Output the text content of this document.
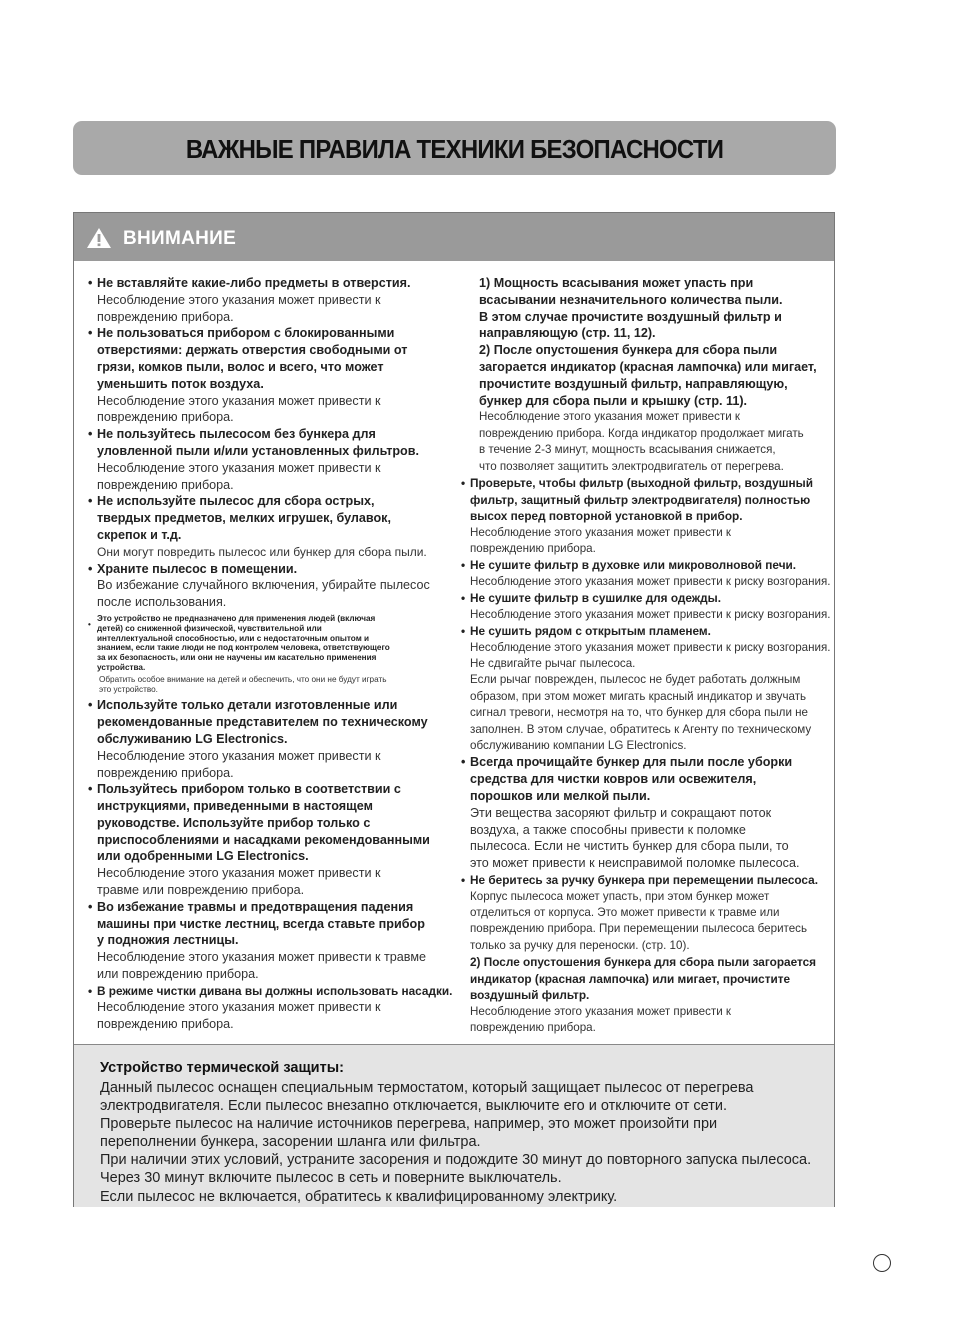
ВАЖНЫЕ ПРАВИЛА ТЕХНИКИ БЕЗОПАСНОСТИ
ВНИМАНИЕ
• Не вставляйте какие-либо предметы в отверстия.
Несоблюдение этого указания может привести к
повреждению прибора.
• Не пользоваться прибором с блокированными
отверстиями: держать отверстия свободными от
грязи, комков пыли, волос и всего, что может
уменьшить поток воздуха.
Несоблюдение этого указания может привести к
повреждению прибора.
• Не пользуйтесь пылесосом без бункера для
уловленной пыли и/или установленных фильтров.
Несоблюдение этого указания может привести к
повреждению прибора.
• Не используйте пылесос для сбора острых,
твердых предметов, мелких игрушек, булавок,
скрепок и т.д.
Они могут повредить пылесос или бункер для сбора пыли.
• Храните пылесос в помещении.
Во избежание случайного включения, убирайте пылесос
после использования.
•
Это устройство не предназначено для применения людей (включая
детей) со сниженной физической, чувствительной или
интеллектуальной способностью, или с недостаточным опытом и
знанием, если такие люди не под контролем человека, ответствующего
за их безопасность, или они не научены им касательно применения
устройства.
Обратить особое внимание на детей и обеспечить, что они не будут играть
это устройство.
• Используйте только детали изготовленные или
рекомендованные представителем по техническому
обслуживанию LG Electronics.
Несоблюдение этого указания может привести к
повреждению прибора.
• Пользуйтесь прибором только в соответствии с
инструкциями, приведенными в настоящем
руководстве. Используйте прибор только с
приспособлениями и насадками рекомендованными
или одобренными LG Electronics.
Несоблюдение этого указания может привести к
травме или повреждению прибора.
• Во избежание травмы и предотвращения падения
машины при чистке лестниц, всегда ставьте прибор
у подножия лестницы.
Несоблюдение этого указания может привести к травме
или повреждению прибора.
• В режиме чистки дивана вы должны использовать насадки.
Несоблюдение этого указания может привести к
повреждению прибора.
1) Мощность всасывания может упасть при
всасывании незначительного количества пыли.
В этом случае прочистите воздушный фильтр и
направляющую (стр. 11, 12).
2) После опустошения бункера для сбора пыли
загорается индикатор (красная лампочка) или мигает,
прочистите воздушный фильтр, направляющую,
бункер для сбора пыли и крышку (стр. 11).
Несоблюдение этого указания может привести к
повреждению прибора. Когда индикатор продолжает мигать
в течение 2-3 минут, мощность всасывания снижается,
что позволяет защитить электродвигатель от перегрева.
• Проверьте, чтобы фильтр (выходной фильтр, воздушный
фильтр, защитный фильтр электродвигателя) полностью
высох перед повторной установкой в прибор.
Несоблюдение этого указания может привести к
повреждению прибора.
• Не сушите фильтр в духовке или микроволновой печи.
Несоблюдение этого указания может привести к риску возгорания.
• Не сушите фильтр в сушилке для одежды.
Несоблюдение этого указания может привести к риску возгорания.
• Не сушить рядом с открытым пламенем.
Несоблюдение этого указания может привести к риску возгорания.
Не сдвигайте рычаг пылесоса.
Если рычаг поврежден, пылесос не будет работать должным
образом, при этом может мигать красный индикатор и звучать
сигнал тревоги, несмотря на то, что бункер для сбора пыли не
заполнен. В этом случае, обратитесь к Агенту по техническому
обслуживанию компании LG Electronics.
• Всегда прочищайте бункер для пыли после уборки
средства для чистки ковров или освежителя,
порошков или мелкой пыли.
Эти вещества засоряют фильтр и сокращают поток
воздуха, а также способны привести к поломке
пылесоса. Если не чистить бункер для сбора пыли, то
это может привести к неисправимой поломке пылесоса.
• Не беритесь за ручку бункера при перемещении пылесоса.
Корпус пылесоса может упасть, при этом бункер может
отделиться от корпуса. Это может привести к травме или
повреждению прибора. При перемещении пылесоса беритесь
только за ручку для переноски. (стр. 10).
2) После опустошения бункера для сбора пыли загорается
индикатор (красная лампочка) или мигает, прочистите
воздушный фильтр.
Несоблюдение этого указания может привести к
повреждению прибора.
Устройство термической защиты:
Данный пылесос оснащен специальным термостатом, который защищает пылесос от перегрева
электродвигателя. Если пылесос внезапно отключается, выключите его и отключите от сети.
Проверьте пылесос на наличие источников перегрева, например, это может произойти при
переполнении бункера, засорении шланга или фильтра.
При наличии этих условий, устраните засорения и подождите 30 минут до повторного запуска пылесоса.
Через 30 минут включите пылесос в сеть и поверните выключатель.
Если пылесос не включается, обратитесь к квалифицированному электрику.
